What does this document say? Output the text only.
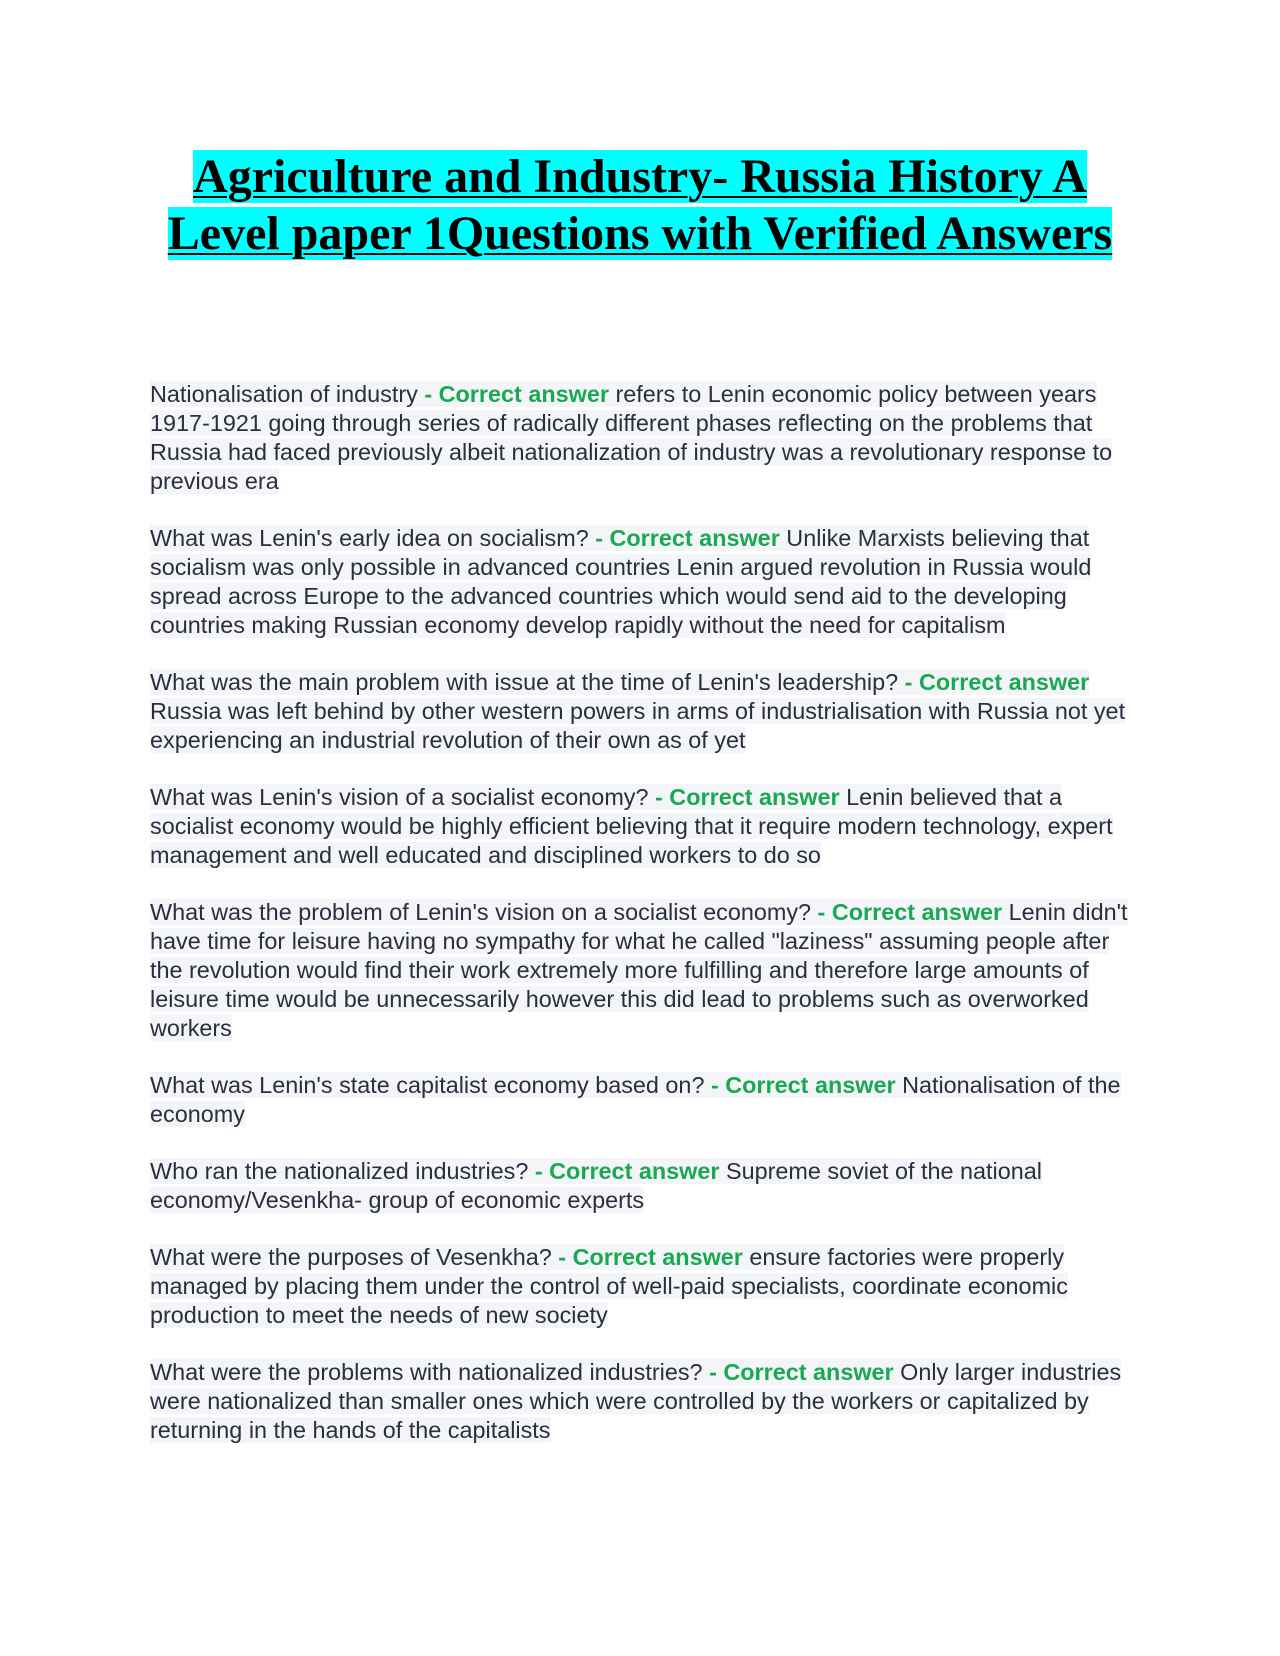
Agriculture and Industry- Russia History A Level paper 1Questions with Verified Answers
Nationalisation of industry - Correct answer refers to Lenin economic policy between years 1917-1921 going through series of radically different phases reflecting on the problems that Russia had faced previously albeit nationalization of industry was a revolutionary response to previous era
What was Lenin's early idea on socialism? - Correct answer Unlike Marxists believing that socialism was only possible in advanced countries Lenin argued revolution in Russia would spread across Europe to the advanced countries which would send aid to the developing countries making Russian economy develop rapidly without the need for capitalism
What was the main problem with issue at the time of Lenin's leadership? - Correct answer Russia was left behind by other western powers in arms of industrialisation with Russia not yet experiencing an industrial revolution of their own as of yet
What was Lenin's vision of a socialist economy? - Correct answer Lenin believed that a socialist economy would be highly efficient believing that it require modern technology, expert management and well educated and disciplined workers to do so
What was the problem of Lenin's vision on a socialist economy? - Correct answer Lenin didn't have time for leisure having no sympathy for what he called "laziness" assuming people after the revolution would find their work extremely more fulfilling and therefore large amounts of leisure time would be unnecessarily however this did lead to problems such as overworked workers
What was Lenin's state capitalist economy based on? - Correct answer Nationalisation of the economy
Who ran the nationalized industries? - Correct answer Supreme soviet of the national economy/Vesenkha- group of economic experts
What were the purposes of Vesenkha? - Correct answer ensure factories were properly managed by placing them under the control of well-paid specialists, coordinate economic production to meet the needs of new society
What were the problems with nationalized industries? - Correct answer Only larger industries were nationalized than smaller ones which were controlled by the workers or capitalized by returning in the hands of the capitalists
